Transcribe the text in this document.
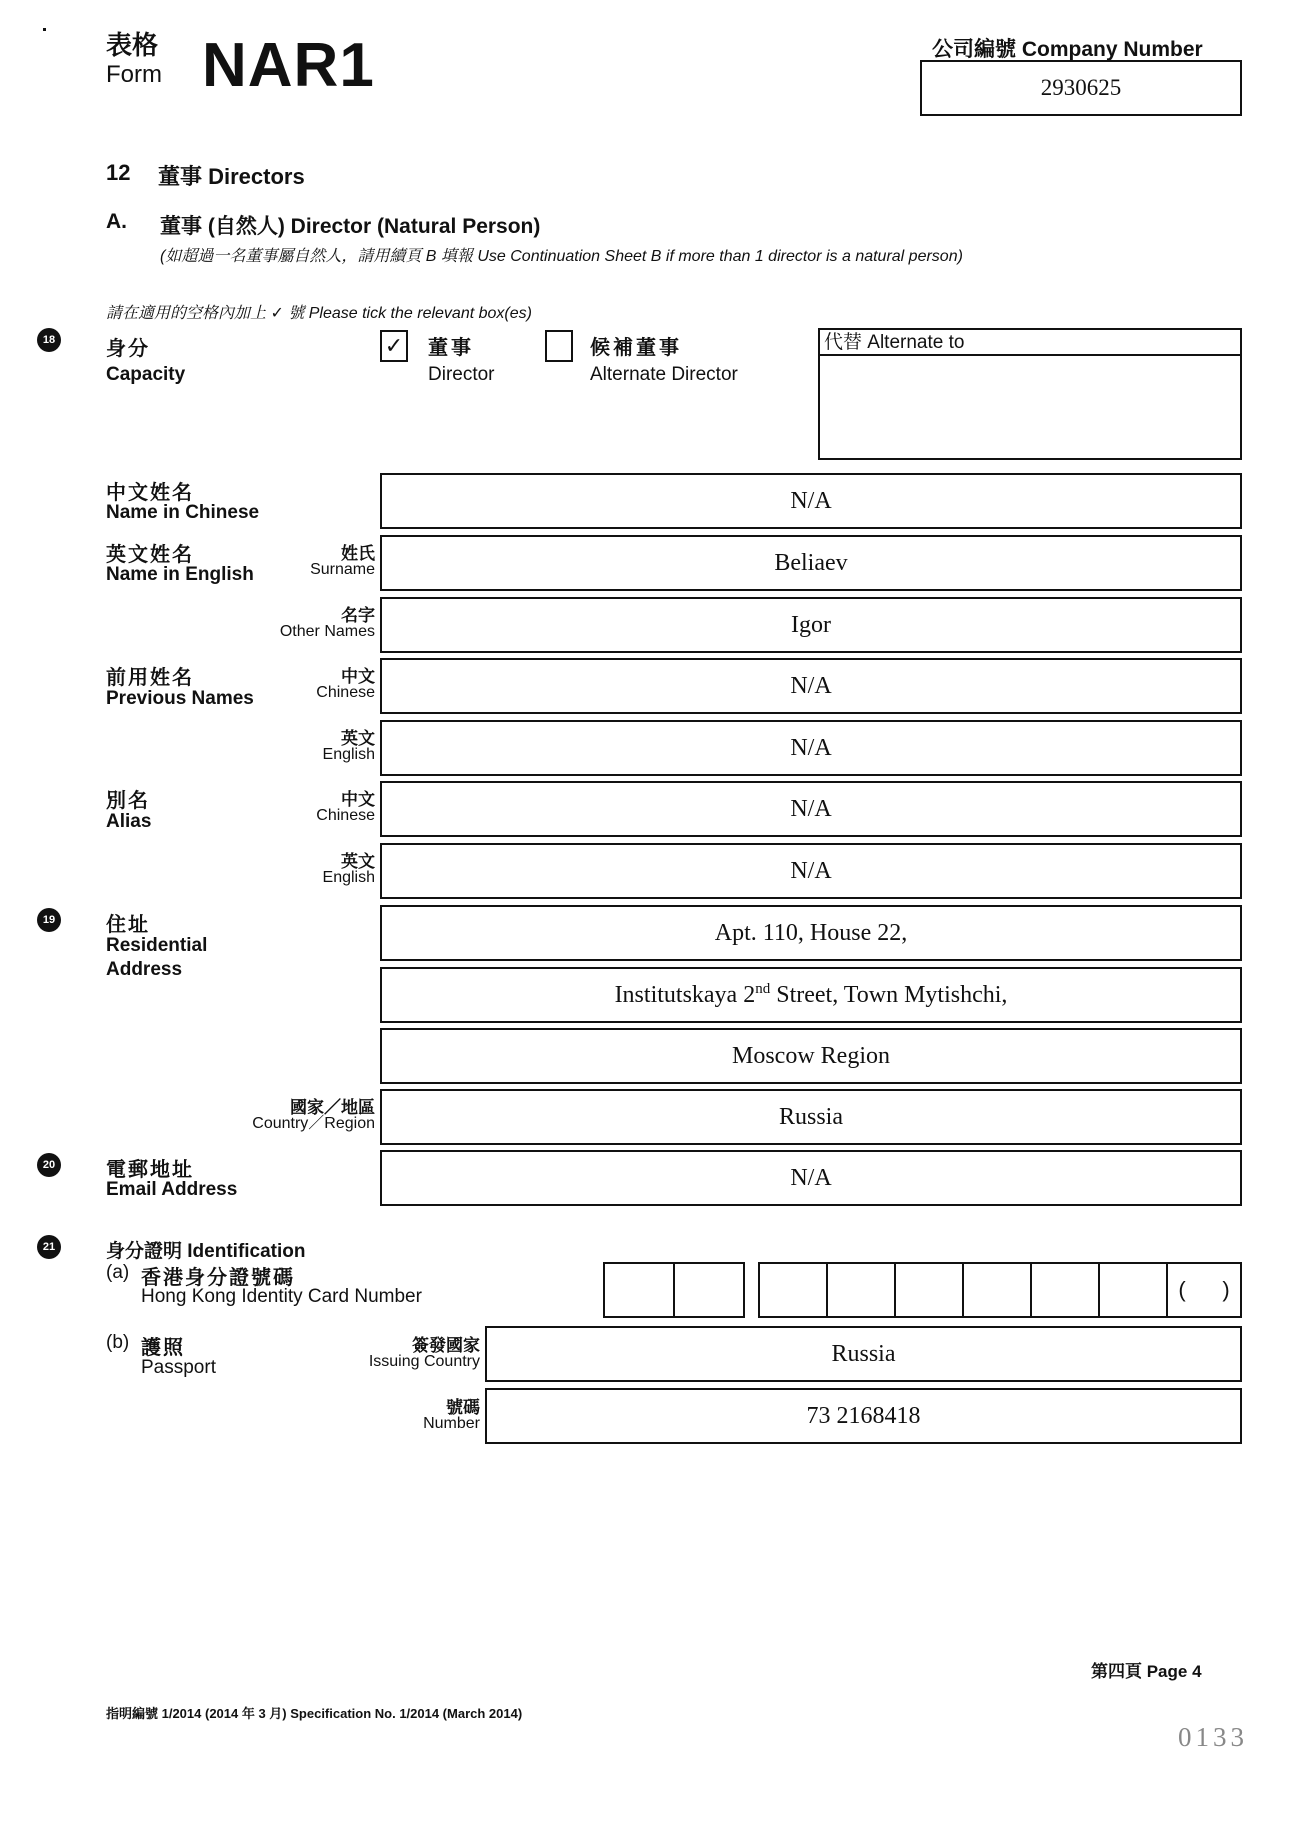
表格
Form NAR1	公司編號 Company Number
2930625
12 董事 Directors
A. 董事 (自然人) Director (Natural Person)
(如超過一名董事屬自然人，請用續頁 B 填報 Use Continuation Sheet B if more than 1 director is a natural person)
請在適用的空格內加上 ✓ 號 Please tick the relevant box(es)
18	身分
Capacity
✓ 董事
Director
候補董事
Alternate Director
代替 Alternate to
中文姓名
Name in Chinese	N/A
英文姓名
Name in English
姓氏
Surname	Beliaev
名字
Other Names	Igor
前用姓名
Previous Names
中文
Chinese	N/A
英文
English	N/A
別名
Alias
中文
Chinese	N/A
英文
English	N/A
19	住址
Residential
Address
Apt. 110, House 22,
Institutskaya 2nd Street, Town Mytishchi,
Moscow Region
國家／地區
Country／Region	Russia
20	電郵地址
Email Address	N/A
21	身分證明 Identification
(a) 香港身分證號碼
Hong Kong Identity Card Number	(      )
(b) 護照
Passport
簽發國家
Issuing Country	Russia
號碼
Number	73 2168418
第四頁 Page 4
指明編號 1/2014 (2014 年 3 月) Specification No. 1/2014 (March 2014)
0133
